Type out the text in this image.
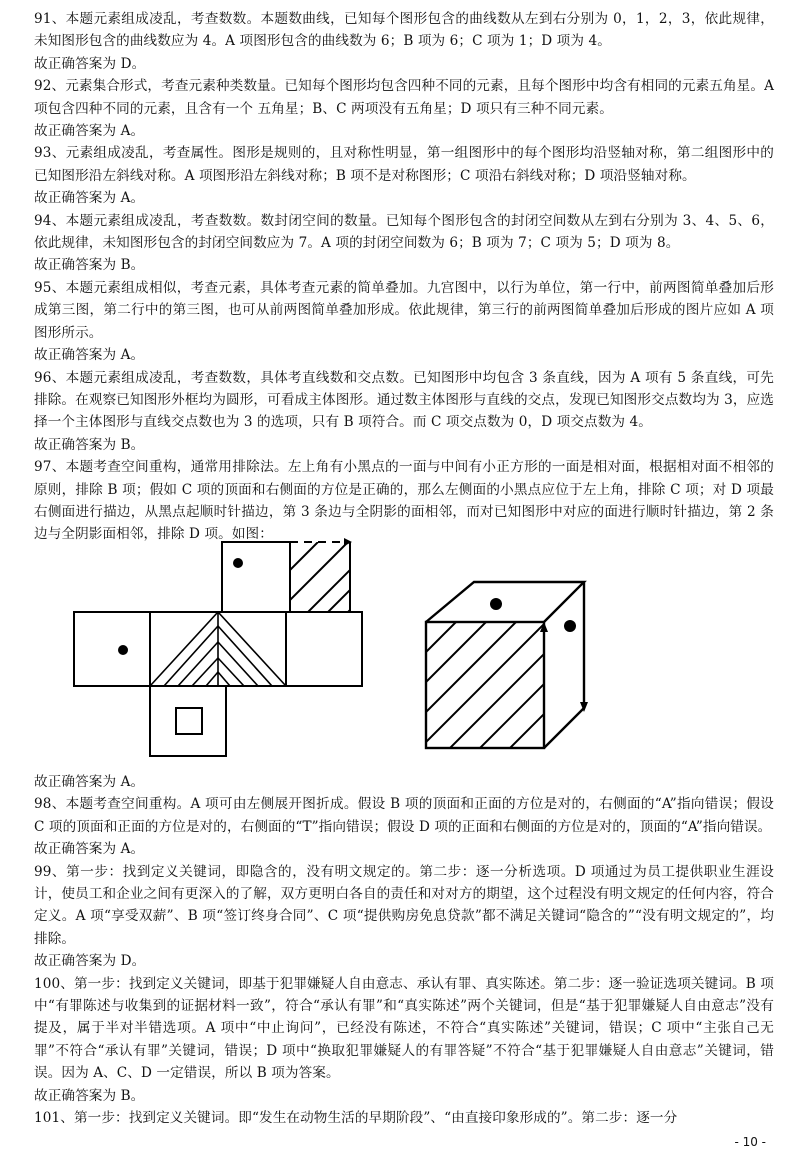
91、本题元素组成凌乱，考查数数。本题数曲线，已知每个图形包含的曲线数从左到右分别为 0，1，2，3，依此规律，未知图形包含的曲线数应为 4。A 项图形包含的曲线数为 6；B 项为 6；C 项为 1；D 项为 4。

故正确答案为 D。

92、元素集合形式，考查元素种类数量。已知每个图形均包含四种不同的元素，且每个图形中均含有相同的元素五角星。A 项包含四种不同的元素，且含有一个 五角星；B、C 两项没有五角星；D 项只有三种不同元素。

故正确答案为 A。

93、元素组成凌乱，考查属性。图形是规则的，且对称性明显，第一组图形中的每个图形均沿竖轴对称，第二组图形中的已知图形沿左斜线对称。A 项图形沿左斜线对称；B 项不是对称图形；C 项沿右斜线对称；D 项沿竖轴对称。

故正确答案为 A。

94、本题元素组成凌乱，考查数数。数封闭空间的数量。已知每个图形包含的封闭空间数从左到右分别为 3、4、5、6，依此规律，未知图形包含的封闭空间数应为 7。A 项的封闭空间数为 6；B 项为 7；C 项为 5；D 项为 8。

故正确答案为 B。

95、本题元素组成相似，考查元素，具体考查元素的简单叠加。九宫图中，以行为单位，第一行中，前两图简单叠加后形成第三图，第二行中的第三图，也可从前两图简单叠加形成。依此规律，第三行的前两图简单叠加后形成的图片应如 A 项图形所示。

故正确答案为 A。

96、本题元素组成凌乱，考查数数，具体考直线数和交点数。已知图形中均包含 3 条直线，因为 A 项有 5 条直线，可先排除。在观察已知图形外框均为圆形，可看成主体图形。通过数主体图形与直线的交点，发现已知图形交点数均为 3，应选择一个主体图形与直线交点数也为 3 的选项，只有 B 项符合。而 C 项交点数为 0，D 项交点数为 4。

故正确答案为 B。

97、本题考查空间重构，通常用排除法。左上角有小黑点的一面与中间有小正方形的一面是相对面，根据相对面不相邻的原则，排除 B 项；假如 C 项的顶面和右侧面的方位是正确的，那么左侧面的小黑点应位于左上角，排除 C 项；对 D 项最右侧面进行描边，从黑点起顺时针描边，第 3 条边与全阴影的面相邻，而对已知图形中对应的面进行顺时针描边，第 2 条边与全阴影面相邻，排除 D 项。如图：

故正确答案为 A。

98、本题考查空间重构。A 项可由左侧展开图折成。假设 B 项的顶面和正面的方位是对的，右侧面的“A”指向错误；假设 C 项的顶面和正面的方位是对的，右侧面的“T”指向错误；假设 D 项的正面和右侧面的方位是对的，顶面的“A”指向错误。

故正确答案为 A。

99、第一步：找到定义关键词，即隐含的，没有明文规定的。第二步：逐一分析选项。D 项通过为员工提供职业生涯设计，使员工和企业之间有更深入的了解，双方更明白各自的责任和对对方的期望，这个过程没有明文规定的任何内容，符合定义。A 项“享受双薪”、B 项“签订终身合同”、C 项“提供购房免息贷款”都不满足关键词“隐含的”“没有明文规定的”，均排除。

故正确答案为 D。

100、第一步：找到定义关键词，即基于犯罪嫌疑人自由意志、承认有罪、真实陈述。第二步：逐一验证选项关键词。B 项中“有罪陈述与收集到的证据材料一致”，符合“承认有罪”和“真实陈述”两个关键词，但是“基于犯罪嫌疑人自由意志”没有提及，属于半对半错选项。A 项中“中止询问”，已经没有陈述，不符合“真实陈述”关键词，错误；C 项中“主张自己无罪”不符合“承认有罪”关键词，错误；D 项中“换取犯罪嫌疑人的有罪答疑”不符合“基于犯罪嫌疑人自由意志”关键词，错误。因为 A、C、D 一定错误，所以 B 项为答案。

故正确答案为 B。

101、第一步：找到定义关键词。即“发生在动物生活的早期阶段”、“由直接印象形成的”。第二步：逐一分

- 10 -
